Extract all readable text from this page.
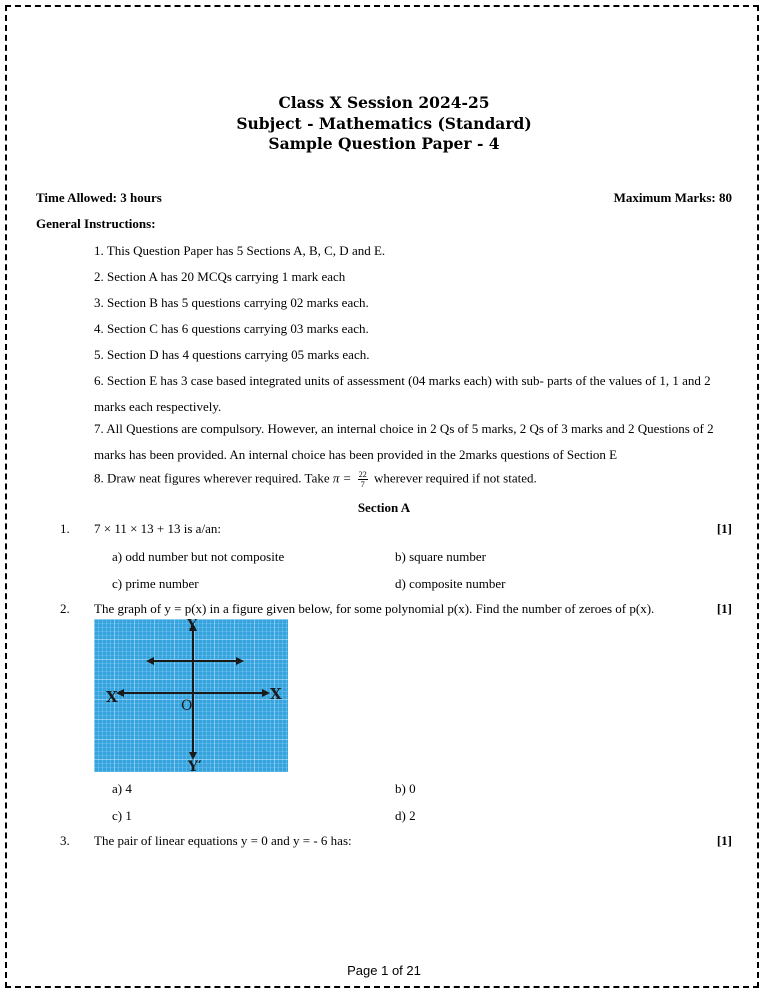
Class X Session 2024-25
Subject - Mathematics (Standard)
Sample Question Paper - 4
Time Allowed: 3 hours	Maximum Marks: 80
General Instructions:
1. This Question Paper has 5 Sections A, B, C, D and E.
2. Section A has 20 MCQs carrying 1 mark each
3. Section B has 5 questions carrying 02 marks each.
4. Section C has 6 questions carrying 03 marks each.
5. Section D has 4 questions carrying 05 marks each.
6. Section E has 3 case based integrated units of assessment (04 marks each) with sub- parts of the values of 1, 1 and 2 marks each respectively.
7. All Questions are compulsory. However, an internal choice in 2 Qs of 5 marks, 2 Qs of 3 marks and 2 Questions of 2 marks has been provided. An internal choice has been provided in the 2marks questions of Section E
8. Draw neat figures wherever required. Take $\pi = \frac{22}{7}$ wherever required if not stated.
Section A
1. 7 × 11 × 13 + 13 is a/an:	[1]
a) odd number but not composite	b) square number
c) prime number	d) composite number
2. The graph of y = p(x) in a figure given below, for some polynomial p(x). Find the number of zeroes of p(x).	[1]
Y
Y′
X
X′	O
a) 4	b) 0
c) 1	d) 2
3. The pair of linear equations y = 0 and y = - 6 has:	[1]
Page 1 of 21
